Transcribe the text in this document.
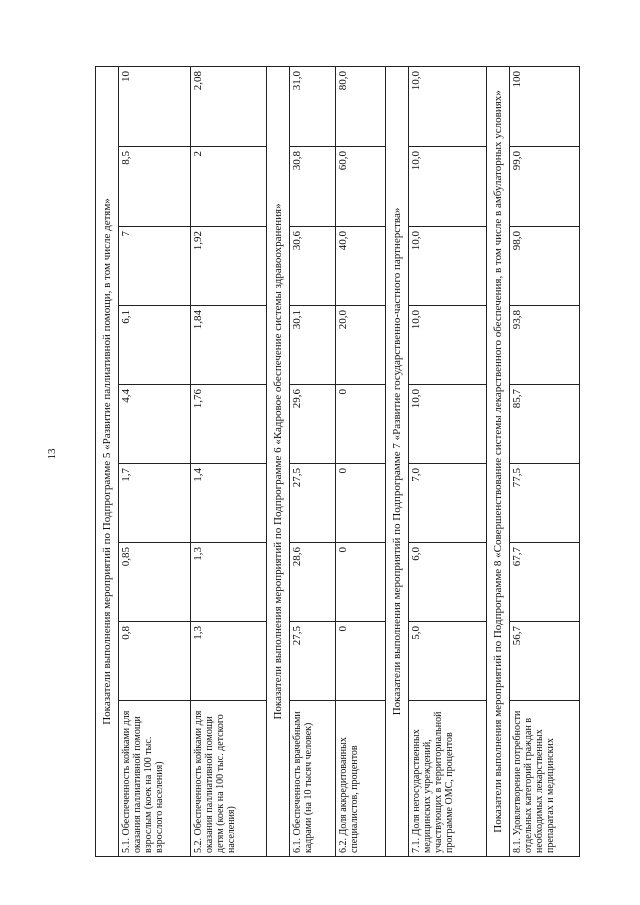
13	Показатели выполнения мероприятий по Подпрограмме 5 «Развитие паллиативной помощи, в том числе детям»								
5.1. Обеспеченность койками для оказания паллиативной помощи взрослым (коек на 100 тыс. взрослого населения)	0,8	0,85	1,7	4,4	6,1	7	8,5	10
5.2. Обеспеченность койками для оказания паллиативной помощи детям (коек на 100 тыс. детского населения)	1,3	1,3	1,4	1,76	1,84	1,92	2	2,08
Показатели выполнения мероприятий по Подпрограмме 6 «Кадровое обеспечение системы здравоохранения»								
6.1. Обеспеченность врачебными кадрами (на 10 тысяч человек)	27,5	28,6	27,5	29,6	30,1	30,6	30,8	31,0
6.2. Доля аккредитованных специалистов, процентов	0	0	0	0	20,0	40,0	60,0	80,0
Показатели выполнения мероприятий по Подпрограмме 7 «Развитие государственно-частного партнерства»								
7.1. Доля негосударственных медицинских учреждений, участвующих в территориальной программе ОМС, процентов	5,0	6,0	7,0	10,0	10,0	10,0	10,0	10,0
Показатели выполнения мероприятий по Подпрограмме 8 «Совершенствование системы лекарственного обеспечения, в том числе в амбулаторных условиях»								
8.1. Удовлетворение потребности отдельных категорий граждан в необходимых лекарственных препаратах и медицинских	56,7	67,7	77,5	85,7	93,8	98,0	99,0	100
